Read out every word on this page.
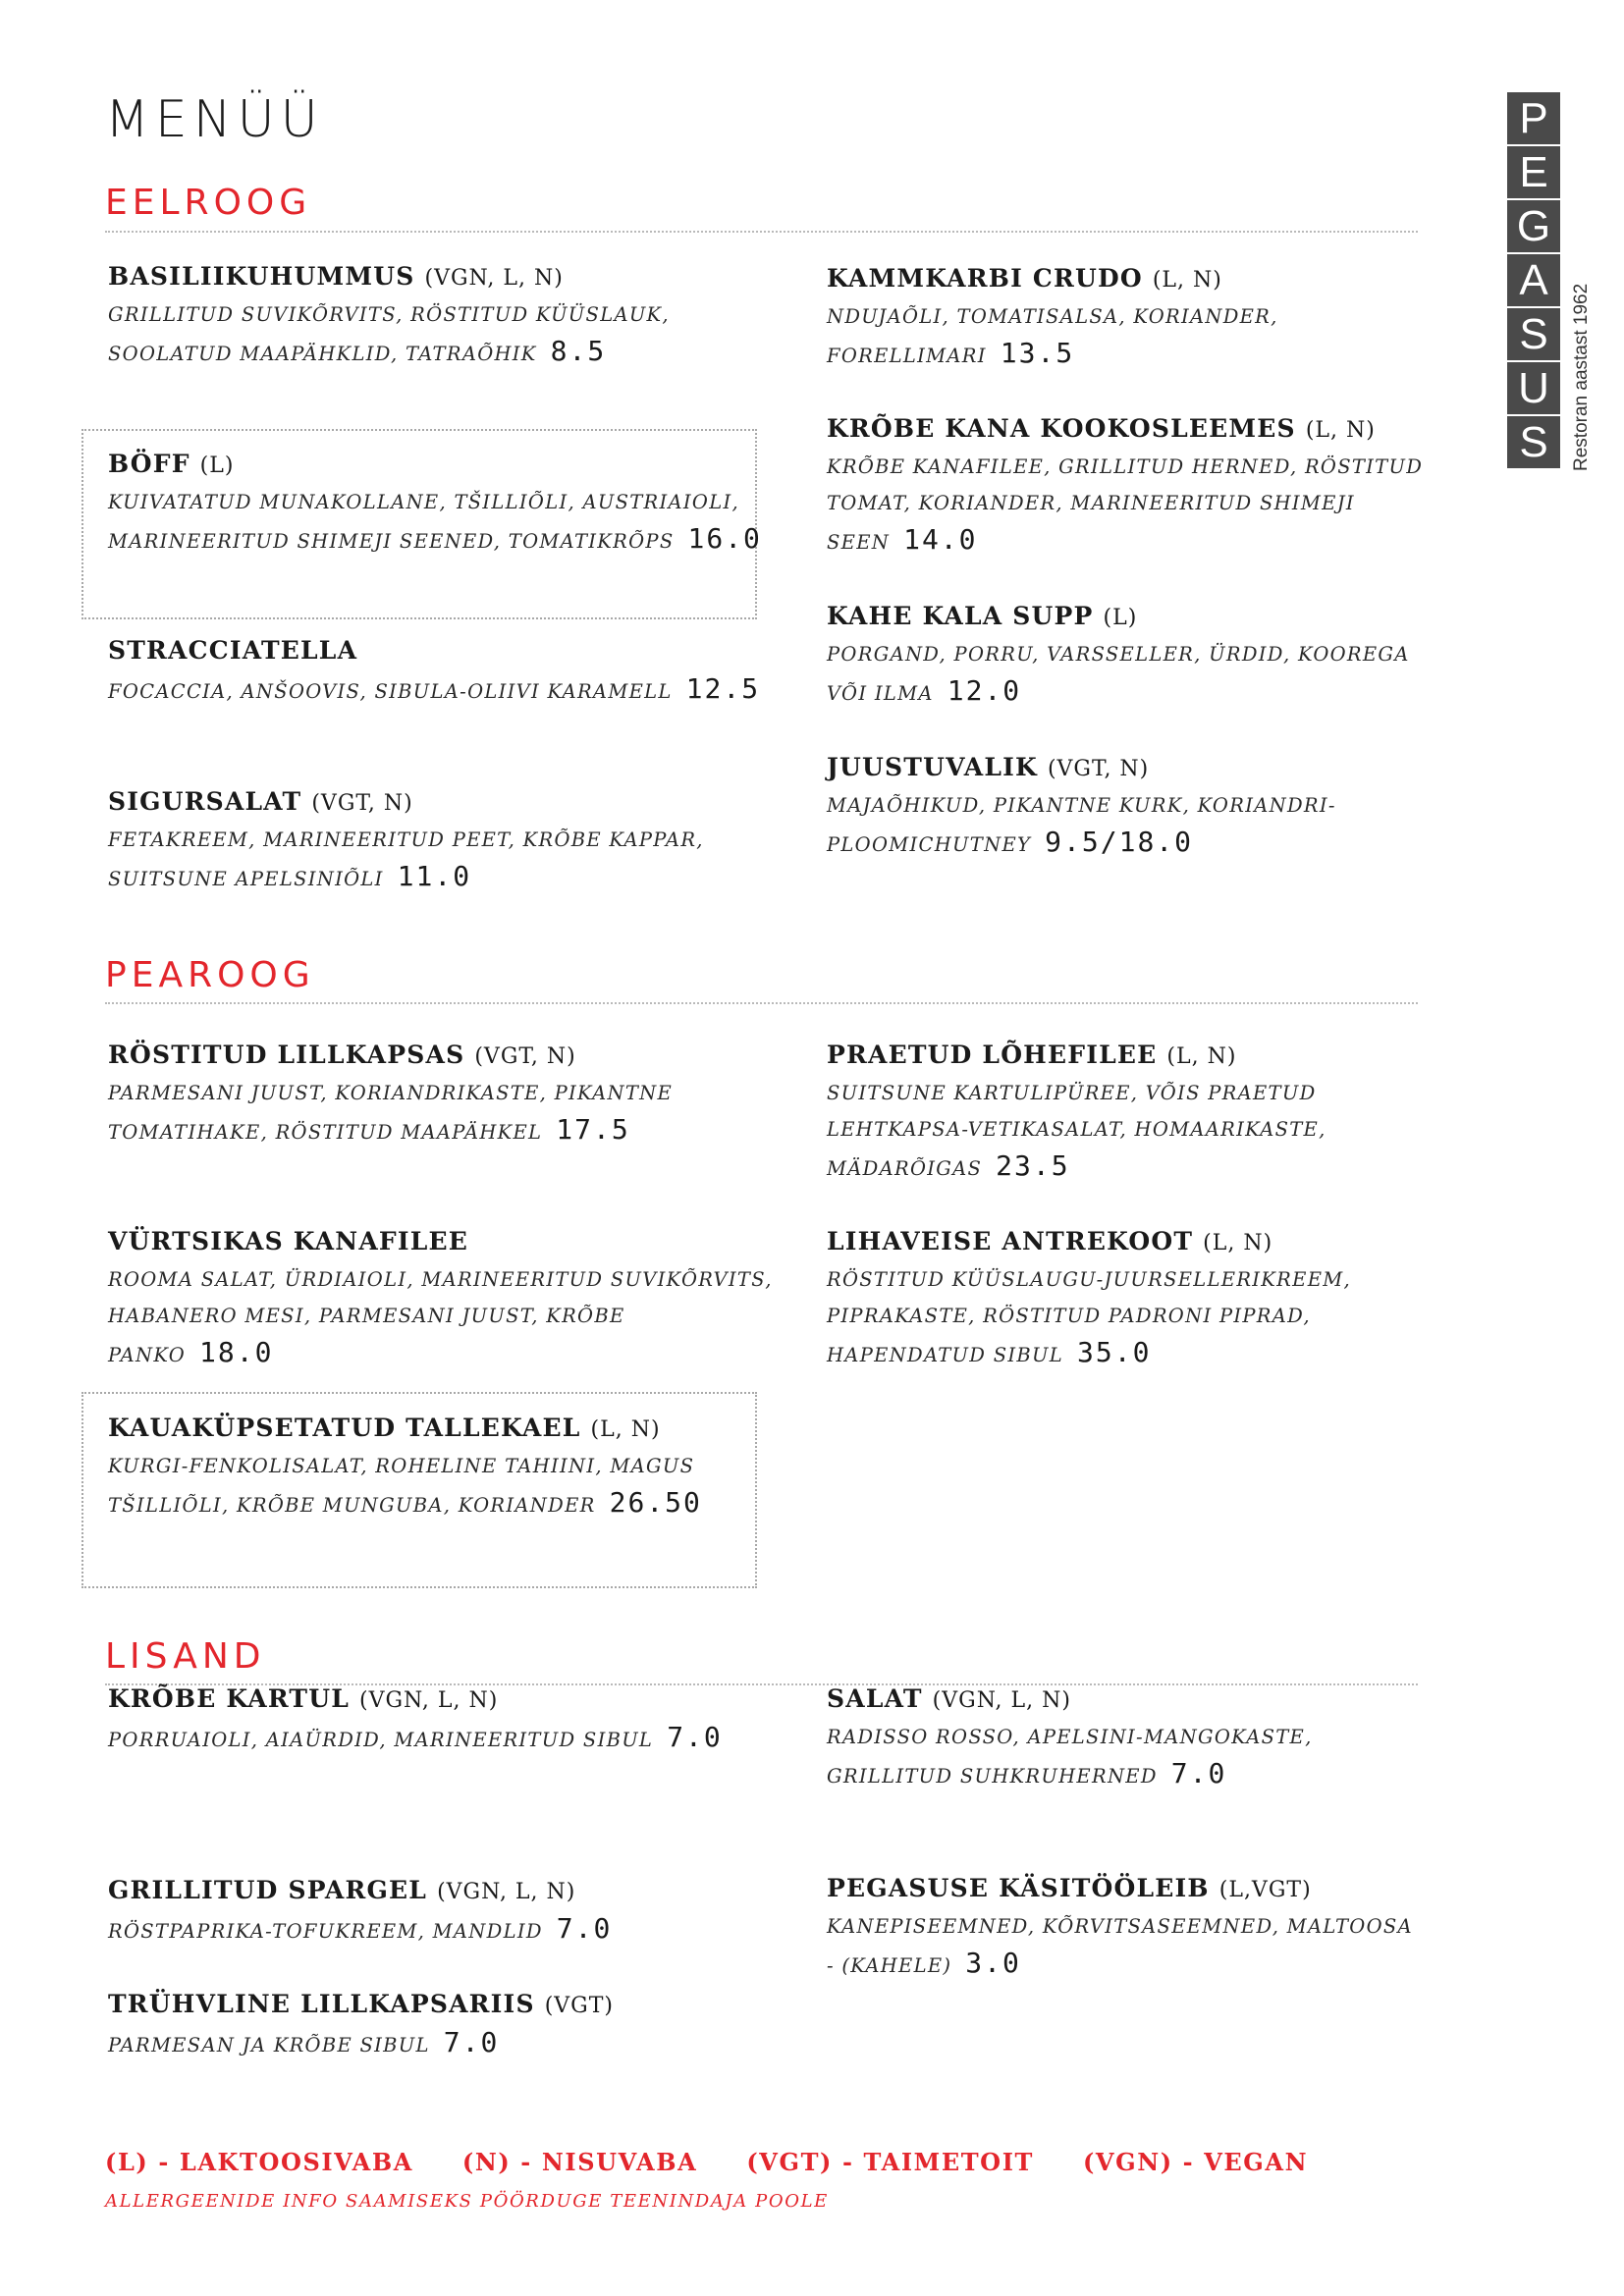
MENÜÜ	P
E
G
A
S
U
S	Restoran aastast 1962
EELROOG
PEAROOG
LISAND
BASILIIKUHUMMUS (VGN, L, N)
GRILLITUD SUVIKÕRVITS, RÖSTITUD KÜÜSLAUK, SOOLATUD MAAPÄHKLID, TATRAÕHIK 8.5
BÖFF (L)
KUIVATATUD MUNAKOLLANE, TŠILLIÕLI, AUSTRIAIOLI, MARINEERITUD SHIMEJI SEENED, TOMATIKRÕPS 16.0
STRACCIATELLA
FOCACCIA, ANŠOOVIS, SIBULA-OLIIVI KARAMELL 12.5
SIGURSALAT (VGT, N)
FETAKREEM, MARINEERITUD PEET, KRÕBE KAPPAR, SUITSUNE APELSINIÕLI 11.0
KAMMKARBI CRUDO (L, N)
NDUJAÕLI, TOMATISALSA, KORIANDER, FORELLIMARI 13.5
KRÕBE KANA KOOKOSLEEMES (L, N)
KRÕBE KANAFILEE, GRILLITUD HERNED, RÖSTITUD TOMAT, KORIANDER, MARINEERITUD SHIMEJI SEEN 14.0
KAHE KALA SUPP (L)
PORGAND, PORRU, VARSSELLER, ÜRDID, KOOREGA VÕI ILMA 12.0
JUUSTUVALIK (VGT, N)
MAJAÕHIKUD, PIKANTNE KURK, KORIANDRI-PLOOMICHUTNEY 9.5/18.0
RÖSTITUD LILLKAPSAS (VGT, N)
PARMESANI JUUST, KORIANDRIKASTE, PIKANTNE TOMATIHAKE, RÖSTITUD MAAPÄHKEL 17.5
VÜRTSIKAS KANAFILEE
ROOMA SALAT, ÜRDIAIOLI, MARINEERITUD SUVIKÕRVITS, HABANERO MESI, PARMESANI JUUST, KRÕBE PANKO 18.0
KAUAKÜPSETATUD TALLEKAEL (L, N)
KURGI-FENKOLISALAT, ROHELINE TAHIINI, MAGUS TŠILLIÕLI, KRÕBE MUNGUBA, KORIANDER 26.50
PRAETUD LÕHEFILEE (L, N)
SUITSUNE KARTULIPÜREE, VÕIS PRAETUD LEHTKAPSA-VETIKASALAT, HOMAARIKASTE, MÄDARÕIGAS 23.5
LIHAVEISE ANTREKOOT (L, N)
RÖSTITUD KÜÜSLAUGU-JUURSELLERIKREEM, PIPRAKASTE, RÖSTITUD PADRONI PIPRAD, HAPENDATUD SIBUL 35.0
KRÕBE KARTUL (VGN, L, N)
PORRUAIOLI, AIAÜRDID, MARINEERITUD SIBUL 7.0
GRILLITUD SPARGEL (VGN, L, N)
RÖSTPAPRIKA-TOFUKREEM, MANDLID 7.0
TRÜHVLINE LILLKAPSARIIS (VGT)
PARMESAN JA KRÕBE SIBUL 7.0
SALAT (VGN, L, N)
RADISSO ROSSO, APELSINI-MANGOKASTE, GRILLITUD SUHKRUHERNED 7.0
PEGASUSE KÄSITÖÖLEIB (L,VGT)
KANEPISEEMNED, KÕRVITSASEEMNED, MALTOOSA - (KAHELE) 3.0
(L) - LAKTOOSIVABA (N) - NISUVABA (VGT) - TAIMETOIT (VGN) - VEGAN
ALLERGEENIDE INFO SAAMISEKS PÖÖRDUGE TEENINDAJA POOLE
